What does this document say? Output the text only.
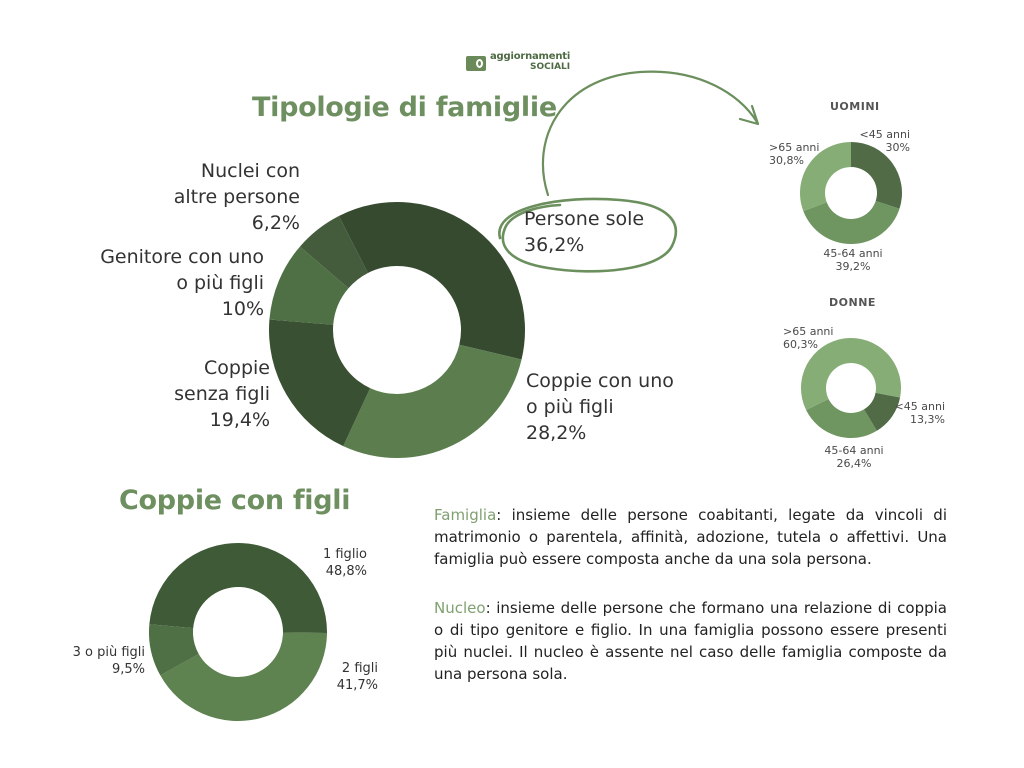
aggiornamenti
SOCIALI
Tipologie di famiglie
Coppie con figli
UOMINI
DONNE
Persone sole
36,2%
Coppie con uno
o più figli
28,2%
Coppie
senza figli
19,4%
Genitore con uno
o più figli
10%
Nuclei con
altre persone
6,2%
<45 anni
30%
45-64 anni
39,2%
>65 anni
30,8%
<45 anni
13,3%
45-64 anni
26,4%
>65 anni
60,3%
1 figlio
48,8%
2 figli
41,7%
3 o più figli
9,5%
Famiglia: insieme delle persone coabitanti, legate da vincoli di matrimonio o parentela, affinità, adozione, tutela o affettivi. Una famiglia può essere composta anche da una sola persona.
Nucleo: insieme delle persone che formano una relazione di coppia o di tipo genitore e figlio. In una famiglia possono essere presenti più nuclei. Il nucleo è assente nel caso delle famiglia composte da una persona sola.
